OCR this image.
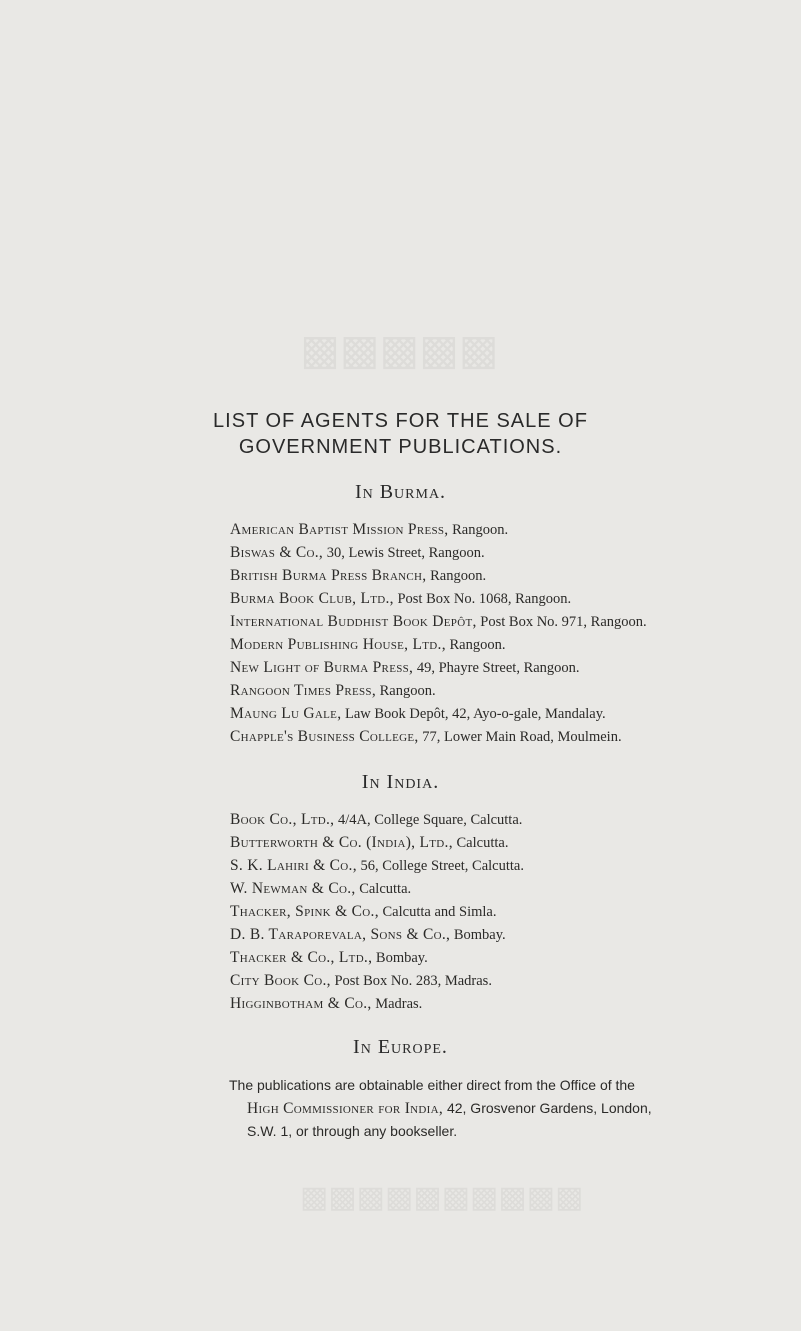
▩▩▩▩▩
▩▩▩▩▩▩▩▩▩▩
LIST OF AGENTS FOR THE SALE OF
GOVERNMENT PUBLICATIONS.
In Burma.
American Baptist Mission Press, Rangoon.
Biswas & Co., 30, Lewis Street, Rangoon.
British Burma Press Branch, Rangoon.
Burma Book Club, Ltd., Post Box No. 1068, Rangoon.
International Buddhist Book Depôt, Post Box No. 971, Rangoon.
Modern Publishing House, Ltd., Rangoon.
New Light of Burma Press, 49, Phayre Street, Rangoon.
Rangoon Times Press, Rangoon.
Maung Lu Gale, Law Book Depôt, 42, Ayo-o-gale, Mandalay.
Chapple's Business College, 77, Lower Main Road, Moulmein.
In India.
Book Co., Ltd., 4/4A, College Square, Calcutta.
Butterworth & Co. (India), Ltd., Calcutta.
S. K. Lahiri & Co., 56, College Street, Calcutta.
W. Newman & Co., Calcutta.
Thacker, Spink & Co., Calcutta and Simla.
D. B. Taraporevala, Sons & Co., Bombay.
Thacker & Co., Ltd., Bombay.
City Book Co., Post Box No. 283, Madras.
Higginbotham & Co., Madras.
In Europe.
The publications are obtainable either direct from the Office of the
High Commissioner for India, 42, Grosvenor Gardens, London,
S.W. 1, or through any bookseller.
